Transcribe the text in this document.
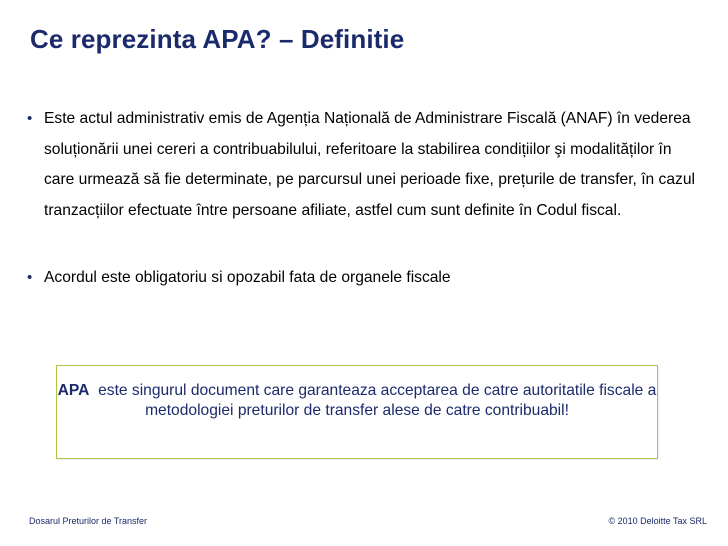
Ce reprezinta APA? – Definitie
• Este actul administrativ emis de Agenția Națională de Administrare Fiscală (ANAF) în vederea soluționării unei cereri a contribuabilului, referitoare la stabilirea condițiilor şi modalităților în care urmează să fie determinate, pe parcursul unei perioade fixe, prețurile de transfer, în cazul tranzacțiilor efectuate între persoane afiliate, astfel cum sunt definite în Codul fiscal.
• Acordul este obligatoriu si opozabil fata de organele fiscale

APA este singurul document care garanteaza acceptarea de catre autoritatile fiscale a metodologiei preturilor de transfer alese de catre contribuabil!

Dosarul Preturilor de Transfer	© 2010 Deloitte Tax SRL
